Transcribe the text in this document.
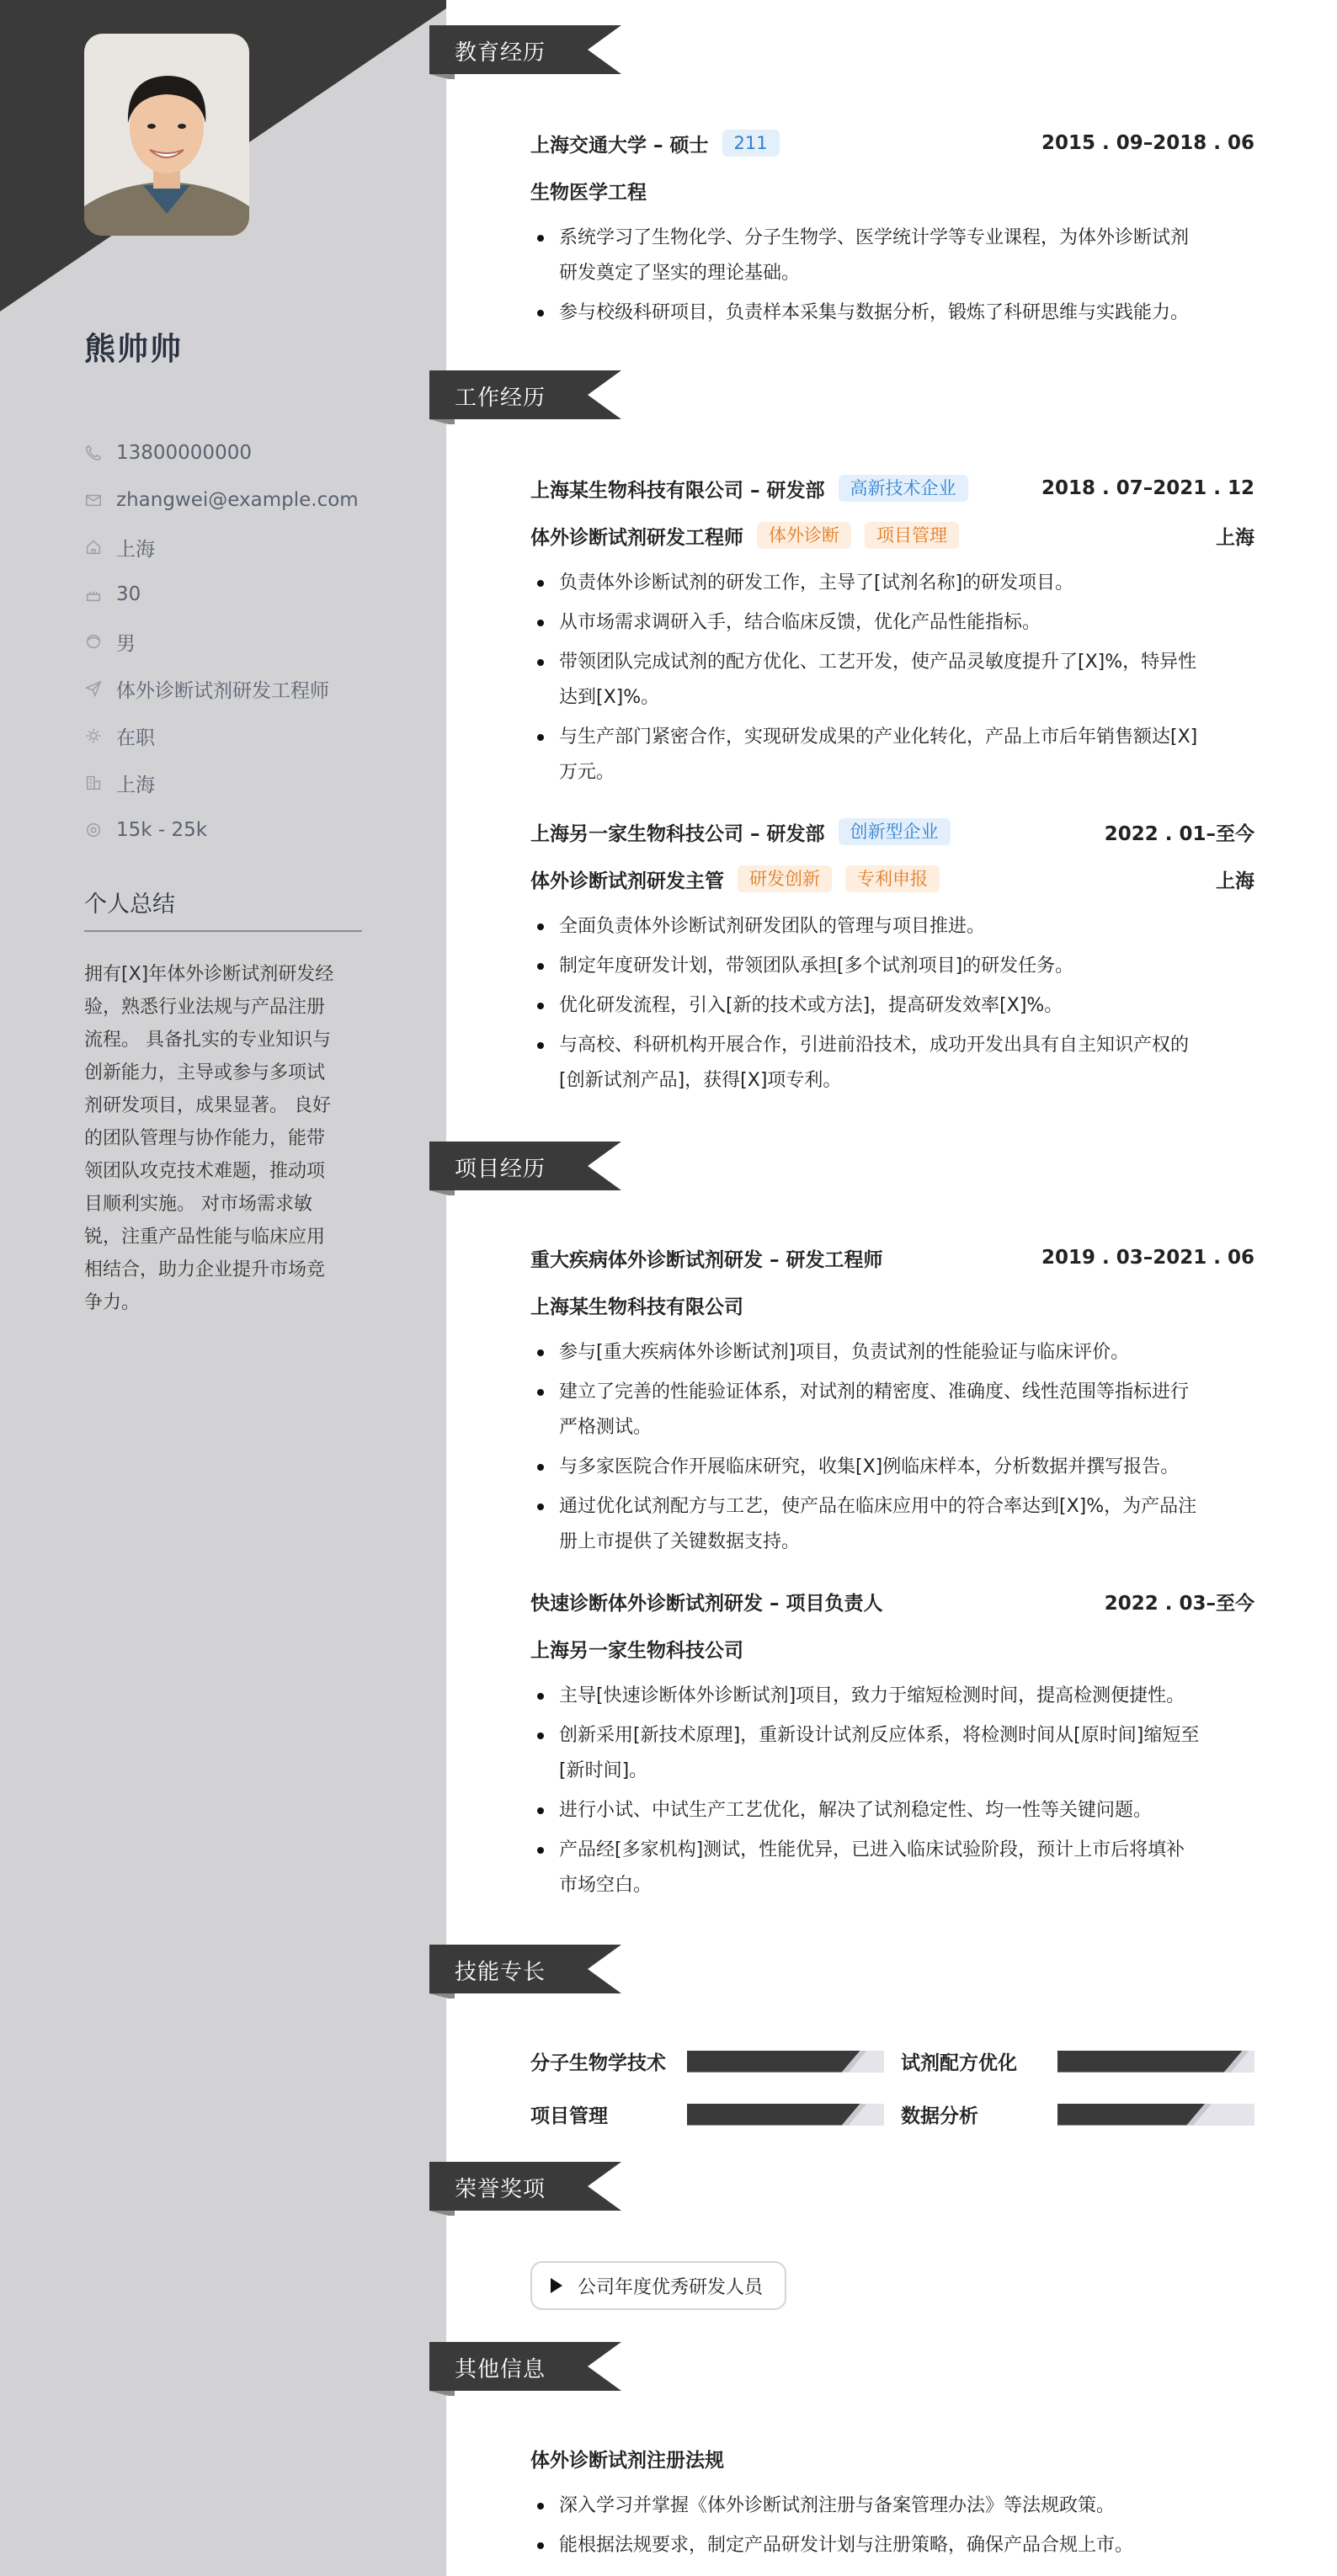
熊帅帅
13800000000
zhangwei@example.com
上海
30
男
体外诊断试剂研发工程师
在职
上海
15k - 25k
个人总结
拥有[X]年体外诊断试剂研发经
验，熟悉行业法规与产品注册
流程。 具备扎实的专业知识与
创新能力，主导或参与多项试
剂研发项目，成果显著。 良好
的团队管理与协作能力，能带
领团队攻克技术难题，推动项
目顺利实施。 对市场需求敏
锐，注重产品性能与临床应用
相结合，助力企业提升市场竞
争力。
教育经历
上海交通大学 – 硕士	211	2015 . 09–2018 . 06
生物医学工程
系统学习了生物化学、分子生物学、医学统计学等专业课程，为体外诊断试剂
研发奠定了坚实的理论基础。
参与校级科研项目，负责样本采集与数据分析，锻炼了科研思维与实践能力。
工作经历
上海某生物科技有限公司 – 研发部	高新技术企业	2018 . 07–2021 . 12
体外诊断试剂研发工程师	体外诊断	项目管理	上海
负责体外诊断试剂的研发工作，主导了[试剂名称]的研发项目。
从市场需求调研入手，结合临床反馈，优化产品性能指标。
带领团队完成试剂的配方优化、工艺开发，使产品灵敏度提升了[X]%，特异性
达到[X]%。
与生产部门紧密合作，实现研发成果的产业化转化，产品上市后年销售额达[X]
万元。
上海另一家生物科技公司 – 研发部	创新型企业	2022 . 01–至今
体外诊断试剂研发主管	研发创新	专利申报	上海
全面负责体外诊断试剂研发团队的管理与项目推进。
制定年度研发计划，带领团队承担[多个试剂项目]的研发任务。
优化研发流程，引入[新的技术或方法]，提高研发效率[X]%。
与高校、科研机构开展合作，引进前沿技术，成功开发出具有自主知识产权的
[创新试剂产品]，获得[X]项专利。
项目经历
重大疾病体外诊断试剂研发 – 研发工程师	2019 . 03–2021 . 06
上海某生物科技有限公司
参与[重大疾病体外诊断试剂]项目，负责试剂的性能验证与临床评价。
建立了完善的性能验证体系，对试剂的精密度、准确度、线性范围等指标进行
严格测试。
与多家医院合作开展临床研究，收集[X]例临床样本，分析数据并撰写报告。
通过优化试剂配方与工艺，使产品在临床应用中的符合率达到[X]%，为产品注
册上市提供了关键数据支持。
快速诊断体外诊断试剂研发 – 项目负责人	2022 . 03–至今
上海另一家生物科技公司
主导[快速诊断体外诊断试剂]项目，致力于缩短检测时间，提高检测便捷性。
创新采用[新技术原理]，重新设计试剂反应体系，将检测时间从[原时间]缩短至
[新时间]。
进行小试、中试生产工艺优化，解决了试剂稳定性、均一性等关键问题。
产品经[多家机构]测试，性能优异，已进入临床试验阶段，预计上市后将填补
市场空白。
技能专长
分子生物学技术	试剂配方优化
项目管理	数据分析
荣誉奖项
公司年度优秀研发人员
其他信息
体外诊断试剂注册法规
深入学习并掌握《体外诊断试剂注册与备案管理办法》等法规政策。
能根据法规要求，制定产品研发计划与注册策略，确保产品合规上市。
